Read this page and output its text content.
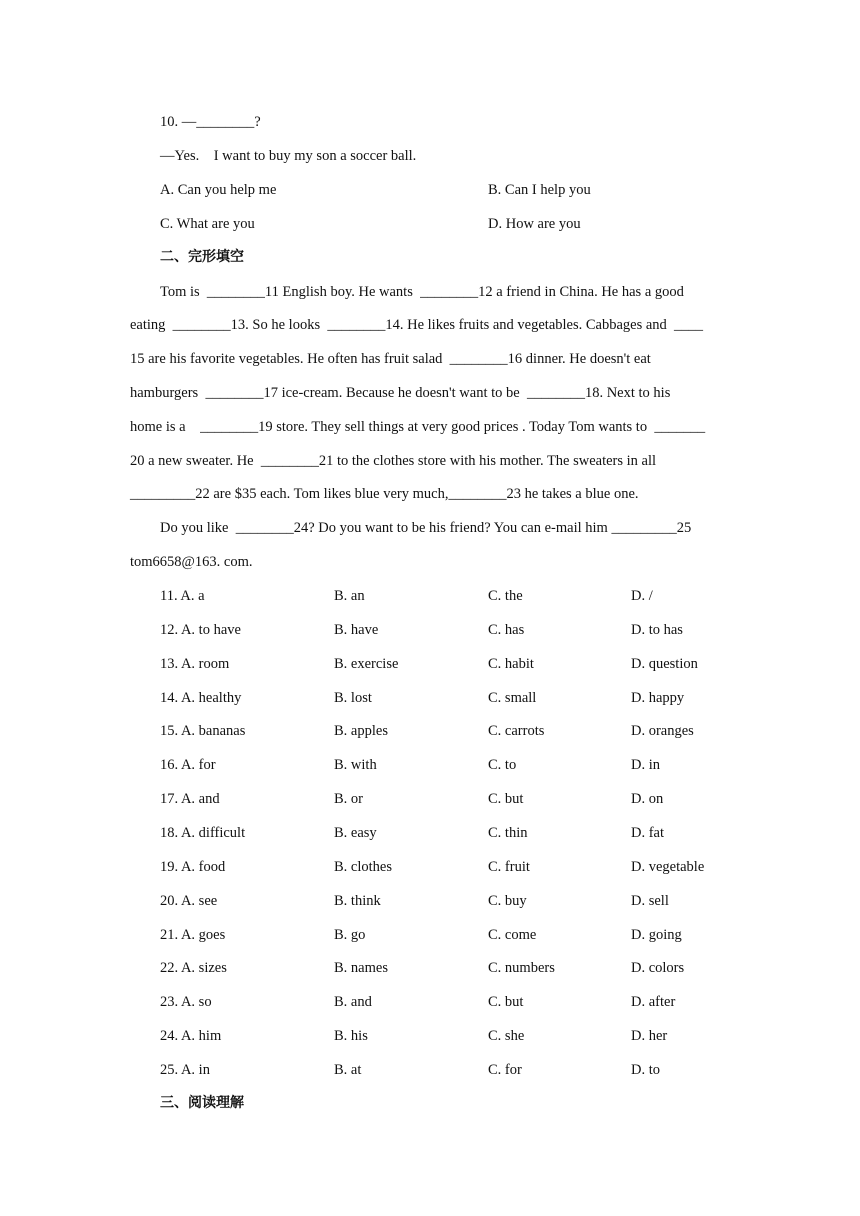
10. —________?
—Yes.    I want to buy my son a soccer ball.
A. Can you help me	B. Can I help you
C. What are you	D. How are you
二、完形填空
Tom is  ________11 English boy. He wants  ________12 a friend in China. He has a good
eating  ________13. So he looks  ________14. He likes fruits and vegetables. Cabbages and  ____
15 are his favorite vegetables. He often has fruit salad  ________16 dinner. He doesn't eat
hamburgers  ________17 ice-cream. Because he doesn't want to be  ________18. Next to his
home is a    ________19 store. They sell things at very good prices . Today Tom wants to  _______
20 a new sweater. He  ________21 to the clothes store with his mother. The sweaters in all
_________22 are $35 each. Tom likes blue very much,________23 he takes a blue one.
Do you like  ________24? Do you want to be his friend? You can e-mail him _________25
tom6658@163. com.
11. A. a	B. an	C. the	D. /
12. A. to have	B. have	C. has	D. to has
13. A. room	B. exercise	C. habit	D. question
14. A. healthy	B. lost	C. small	D. happy
15. A. bananas	B. apples	C. carrots	D. oranges
16. A. for	B. with	C. to	D. in
17. A. and	B. or	C. but	D. on
18. A. difficult	B. easy	C. thin	D. fat
19. A. food	B. clothes	C. fruit	D. vegetable
20. A. see	B. think	C. buy	D. sell
21. A. goes	B. go	C. come	D. going
22. A. sizes	B. names	C. numbers	D. colors
23. A. so	B. and	C. but	D. after
24. A. him	B. his	C. she	D. her
25. A. in	B. at	C. for	D. to
三、阅读理解
